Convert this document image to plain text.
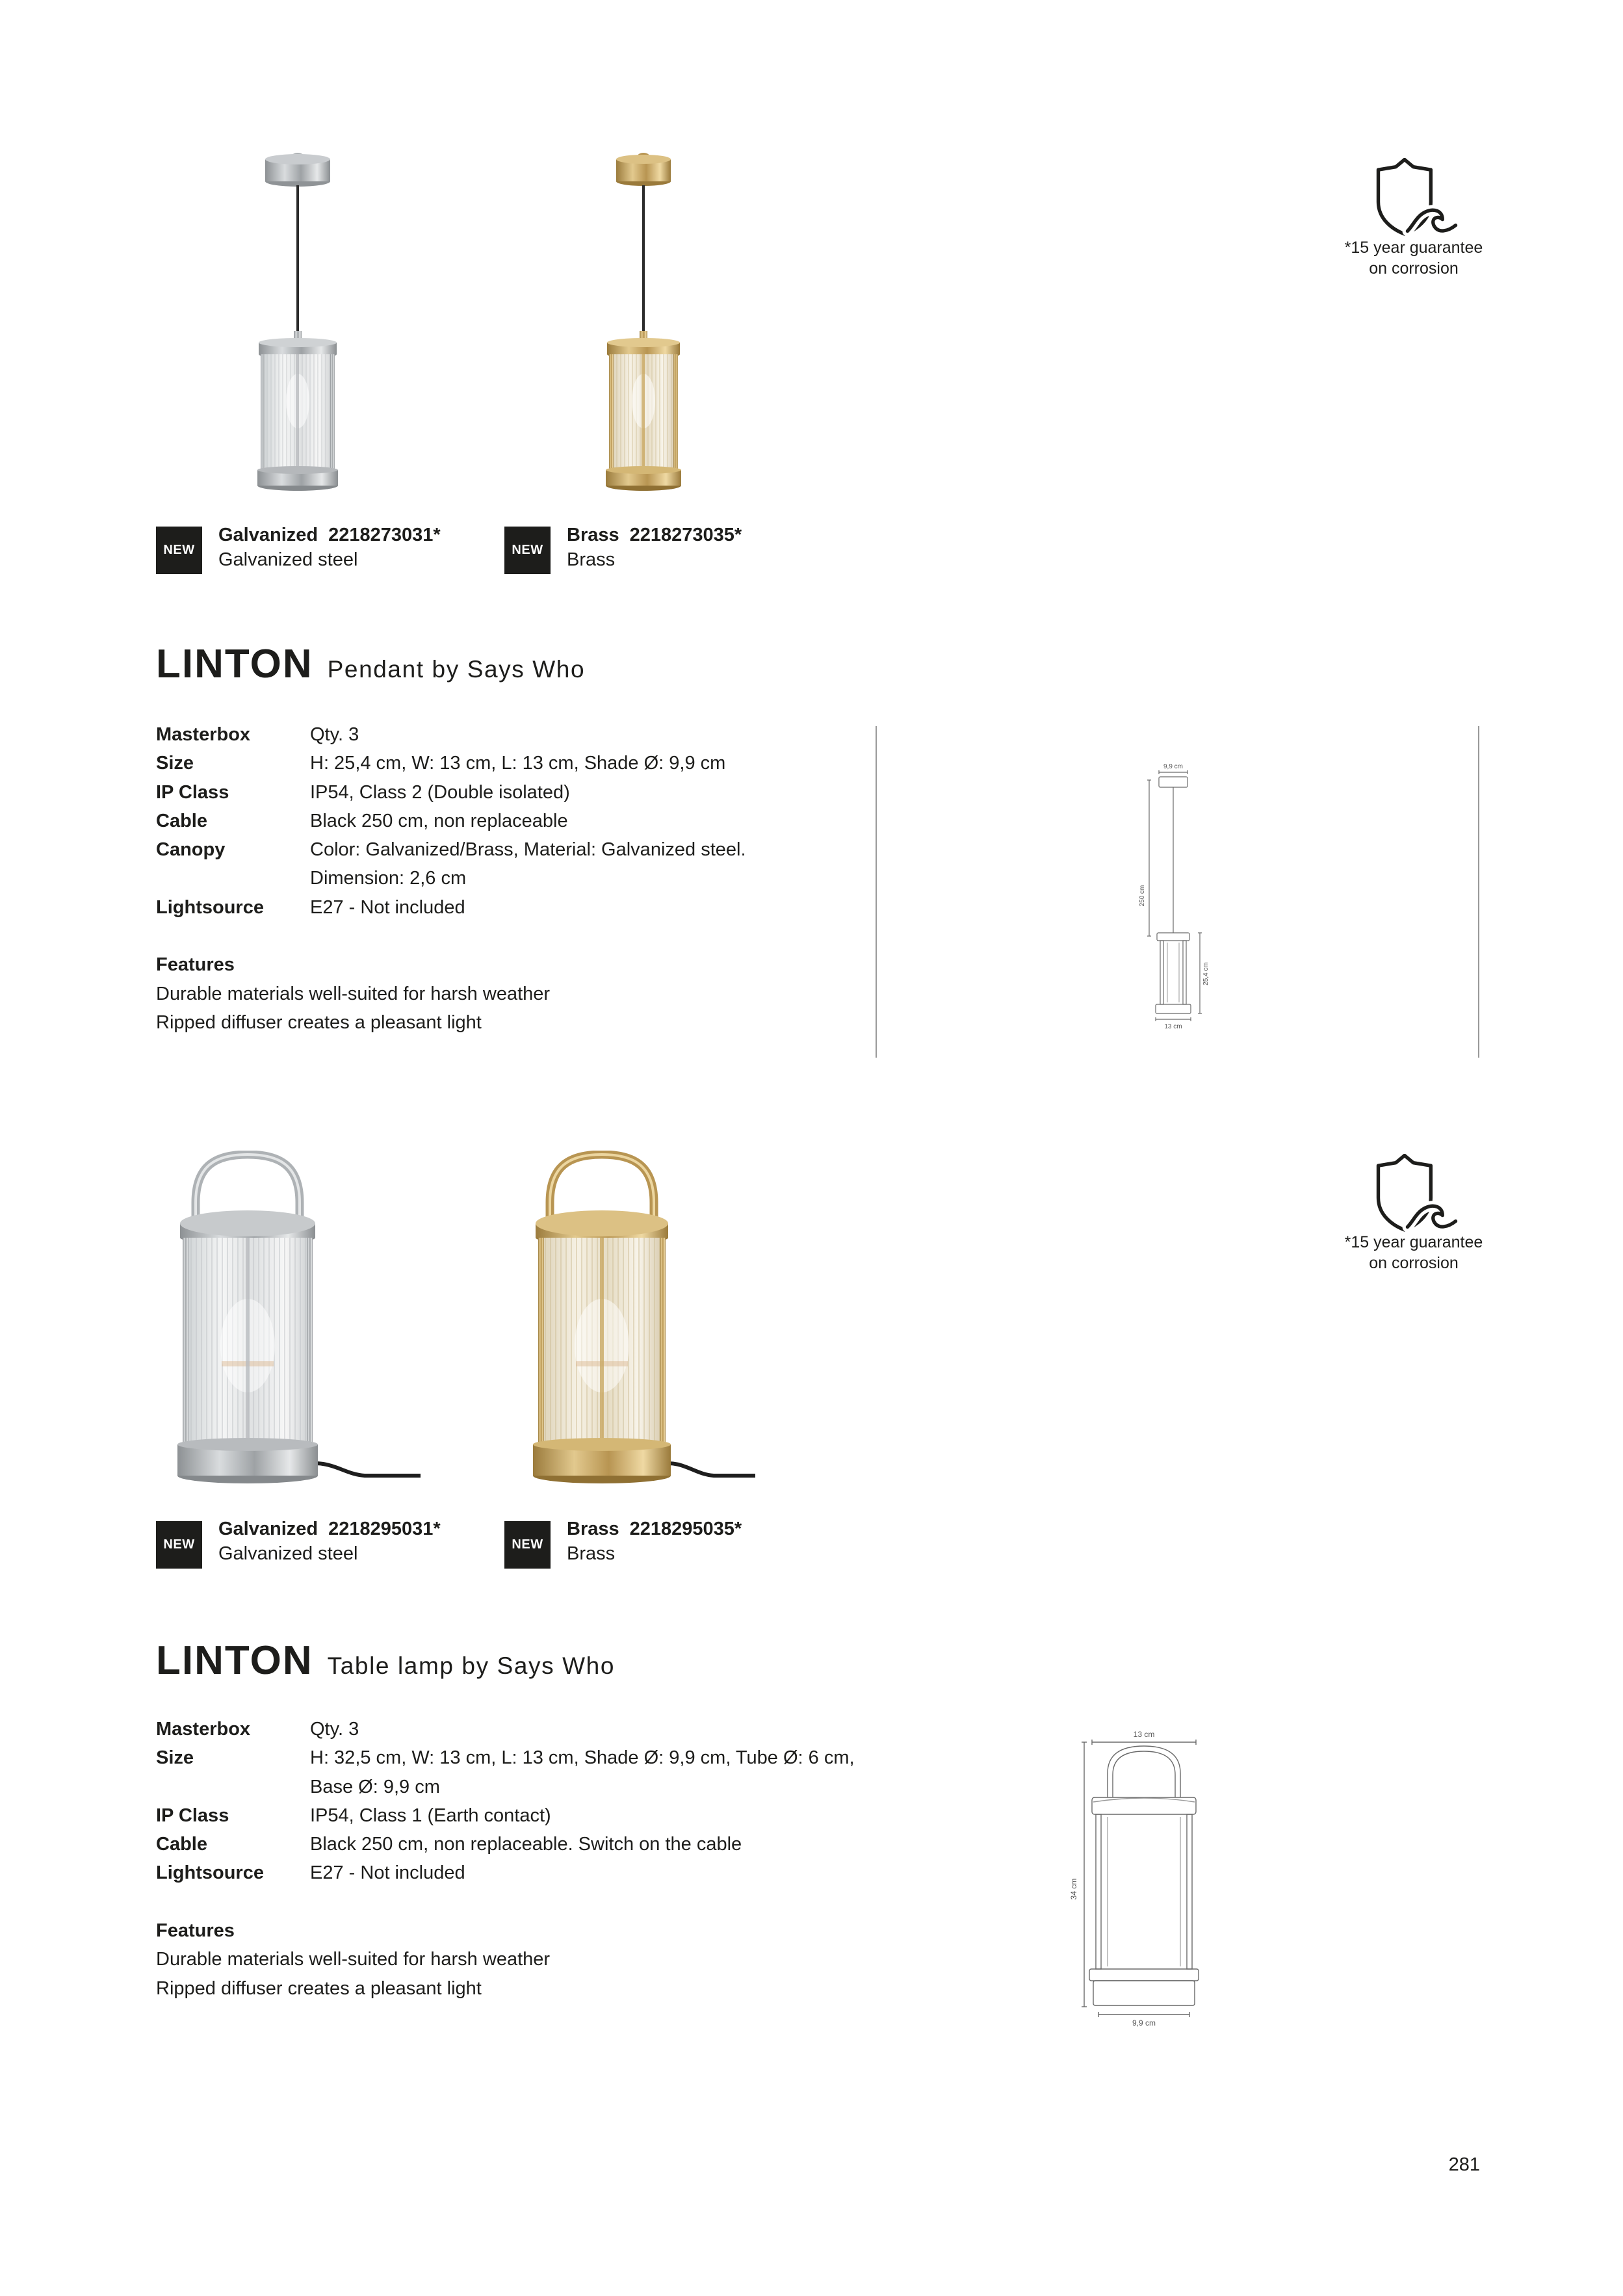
*15 year guarantee
on corrosion
NEW
Galvanized 2218273031*
Galvanized steel	NEW
Brass 2218273035*
Brass
LINTON Pendant by Says Who
Masterbox	Qty. 3
Size	H: 25,4 cm, W: 13 cm, L: 13 cm, Shade Ø: 9,9 cm
IP Class	IP54, Class 2 (Double isolated)
Cable	Black 250 cm, non replaceable
Canopy	Color: Galvanized/Brass, Material: Galvanized steel.
Dimension: 2,6 cm
Lightsource	E27 - Not included
Features
Durable materials well-suited for harsh weather
Ripped diffuser creates a pleasant light
9,9 cm
250 cm
25,4 cm
13 cm
*15 year guarantee
on corrosion
NEW
Galvanized 2218295031*
Galvanized steel	NEW
Brass 2218295035*
Brass
LINTON Table lamp by Says Who
Masterbox	Qty. 3
Size	H: 32,5 cm, W: 13 cm, L: 13 cm, Shade Ø: 9,9 cm, Tube Ø: 6 cm,
Base Ø: 9,9 cm
IP Class	IP54, Class 1 (Earth contact)
Cable	Black 250 cm, non replaceable. Switch on the cable
Lightsource	E27 - Not included
Features
Durable materials well-suited for harsh weather
Ripped diffuser creates a pleasant light
13 cm
34 cm
9,9 cm
281
